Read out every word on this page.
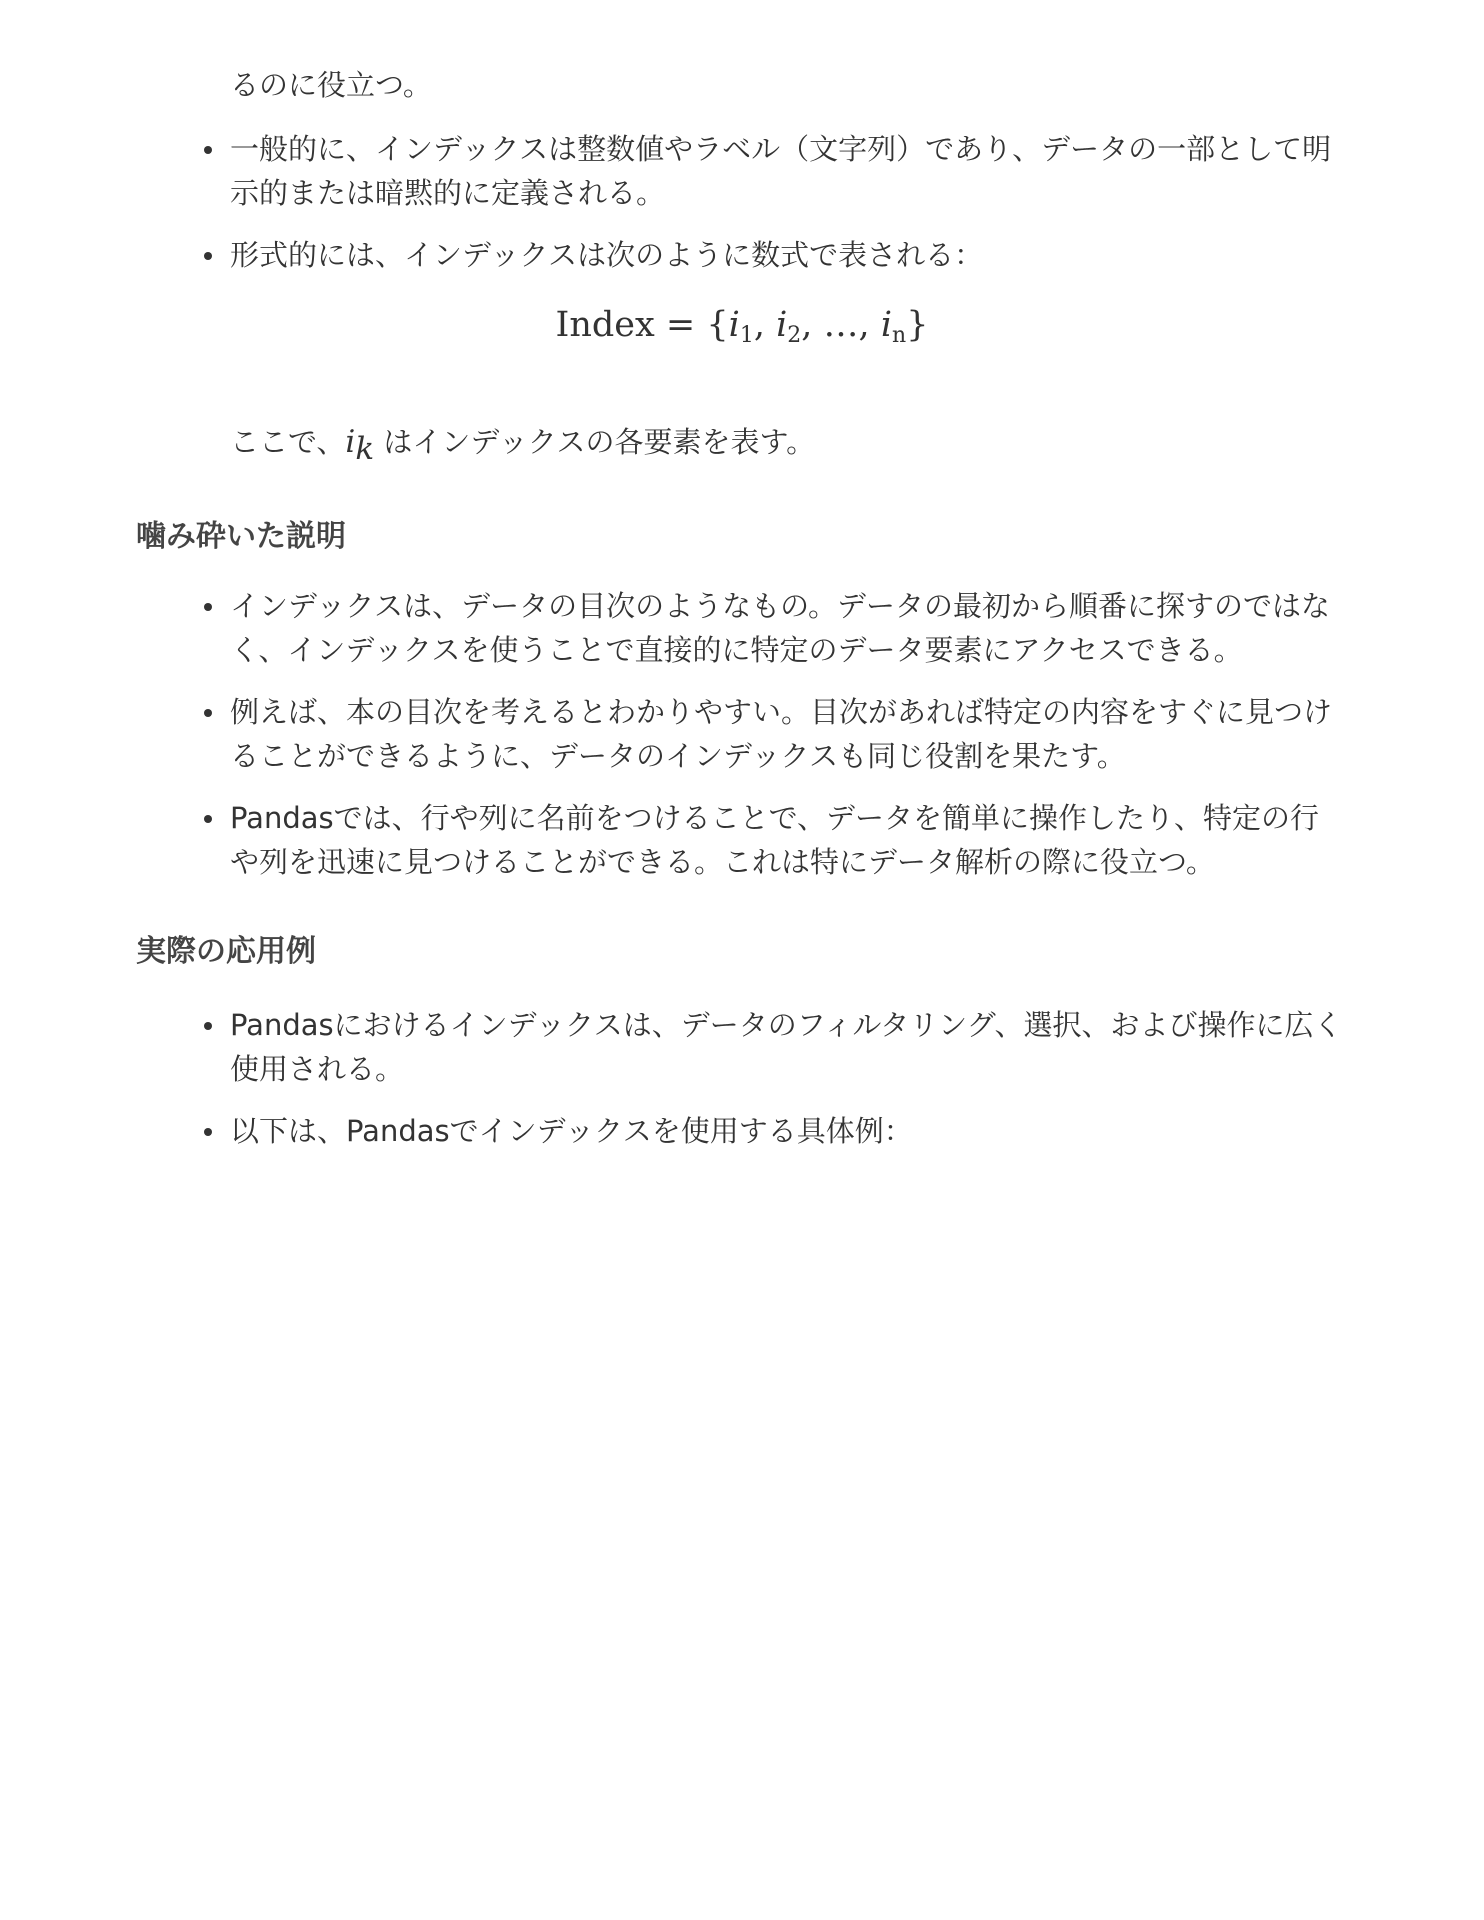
るのに役立つ。
一般的に、インデックスは整数値やラベル（文字列）であり、データの一部として明示的または暗黙的に定義される。
形式的には、インデックスは次のように数式で表される：
Index = {$i_1$, $i_2$, …, $i_n$}
ここで、$i_k$ はインデックスの各要素を表す。
噛み砕いた説明
インデックスは、データの目次のようなもの。データの最初から順番に探すのではなく、インデックスを使うことで直接的に特定のデータ要素にアクセスできる。
例えば、本の目次を考えるとわかりやすい。目次があれば特定の内容をすぐに見つけることができるように、データのインデックスも同じ役割を果たす。
Pandasでは、行や列に名前をつけることで、データを簡単に操作したり、特定の行や列を迅速に見つけることができる。これは特にデータ解析の際に役立つ。
実際の応用例
Pandasにおけるインデックスは、データのフィルタリング、選択、および操作に広く使用される。
以下は、Pandasでインデックスを使用する具体例：
